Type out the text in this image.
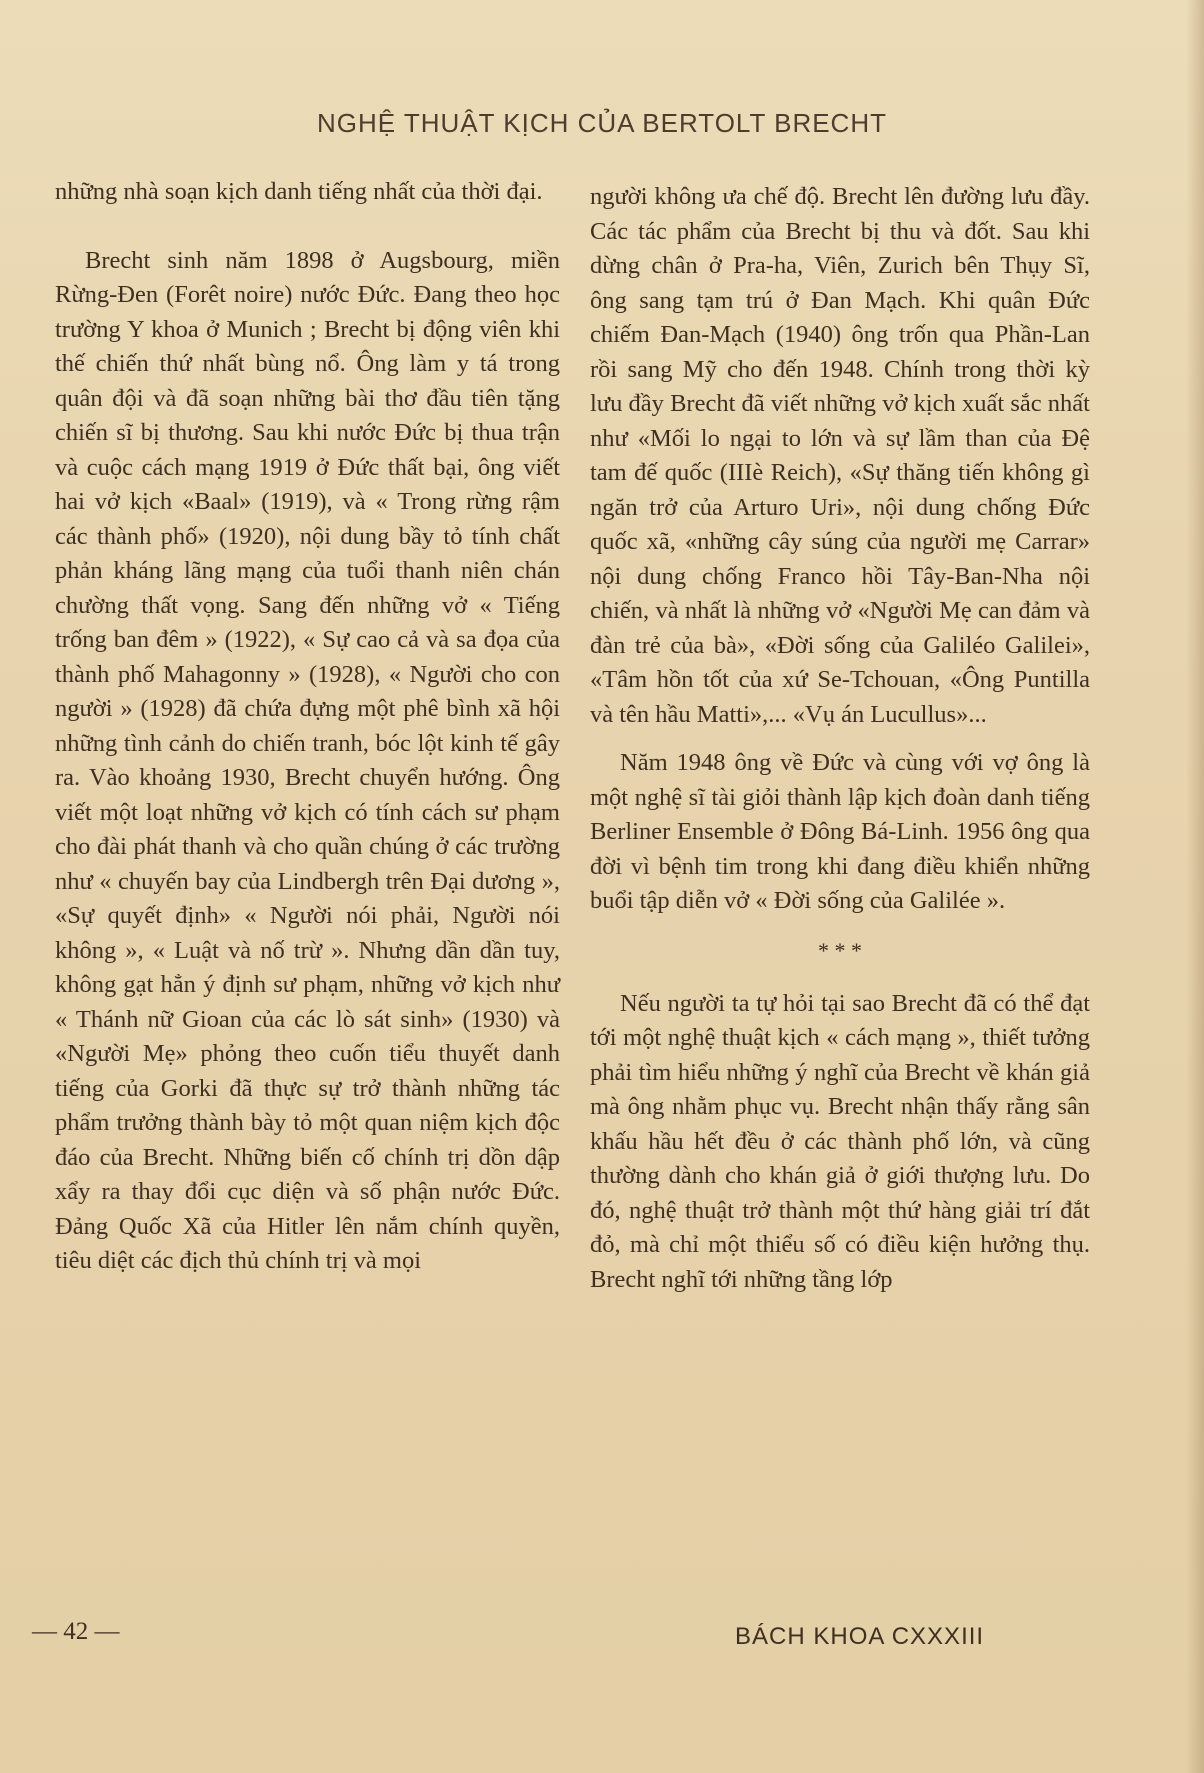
NGHỆ THUẬT KỊCH CỦA BERTOLT BRECHT

những nhà soạn kịch danh tiếng nhất của thời đại.

Brecht sinh năm 1898 ở Augsbourg, miền Rừng-Đen (Forêt noire) nước Đức. Đang theo học trường Y khoa ở Munich ; Brecht bị động viên khi thế chiến thứ nhất bùng nổ. Ông làm y tá trong quân đội và đã soạn những bài thơ đầu tiên tặng chiến sĩ bị thương. Sau khi nước Đức bị thua trận và cuộc cách mạng 1919 ở Đức thất bại, ông viết hai vở kịch «Baal» (1919), và « Trong rừng rậm các thành phố» (1920), nội dung bầy tỏ tính chất phản kháng lãng mạng của tuổi thanh niên chán chường thất vọng. Sang đến những vở « Tiếng trống ban đêm » (1922), « Sự cao cả và sa đọa của thành phố Mahagonny » (1928), « Người cho con người » (1928) đã chứa đựng một phê bình xã hội những tình cảnh do chiến tranh, bóc lột kinh tế gây ra. Vào khoảng 1930, Brecht chuyển hướng. Ông viết một loạt những vở kịch có tính cách sư phạm cho đài phát thanh và cho quần chúng ở các trường như « chuyến bay của Lindbergh trên Đại dương », «Sự quyết định» « Người nói phải, Người nói không », « Luật và nố trừ ». Nhưng dần dần tuy, không gạt hẳn ý định sư phạm, những vở kịch như « Thánh nữ Gioan của các lò sát sinh» (1930) và «Người Mẹ» phỏng theo cuốn tiểu thuyết danh tiếng của Gorki đã thực sự trở thành những tác phẩm trưởng thành bày tỏ một quan niệm kịch độc đáo của Brecht. Những biến cố chính trị dồn dập xẩy ra thay đổi cục diện và số phận nước Đức. Đảng Quốc Xã của Hitler lên nắm chính quyền, tiêu diệt các địch thủ chính trị và mọi

người không ưa chế độ. Brecht lên đường lưu đầy. Các tác phẩm của Brecht bị thu và đốt. Sau khi dừng chân ở Pra-ha, Viên, Zurich bên Thụy Sĩ, ông sang tạm trú ở Đan Mạch. Khi quân Đức chiếm Đan-Mạch (1940) ông trốn qua Phần-Lan rồi sang Mỹ cho đến 1948. Chính trong thời kỳ lưu đầy Brecht đã viết những vở kịch xuất sắc nhất như «Mối lo ngại to lớn và sự lầm than của Đệ tam đế quốc (IIIè Reich), «Sự thăng tiến không gì ngăn trở của Arturo Uri», nội dung chống Đức quốc xã, «những cây súng của người mẹ Carrar» nội dung chống Franco hồi Tây-Ban-Nha nội chiến, và nhất là những vở «Người Mẹ can đảm và đàn trẻ của bà», «Đời sống của Galiléo Galilei», «Tâm hồn tốt của xứ Se-Tchouan, «Ông Puntilla và tên hầu Matti»,... «Vụ án Lucullus»...

Năm 1948 ông về Đức và cùng với vợ ông là một nghệ sĩ tài giỏi thành lập kịch đoàn danh tiếng Berliner Ensemble ở Đông Bá-Linh. 1956 ông qua đời vì bệnh tim trong khi đang điều khiển những buổi tập diễn vở « Đời sống của Galilée ».

* * *

Nếu người ta tự hỏi tại sao Brecht đã có thể đạt tới một nghệ thuật kịch « cách mạng », thiết tưởng phải tìm hiểu những ý nghĩ của Brecht về khán giả mà ông nhằm phục vụ. Brecht nhận thấy rằng sân khấu hầu hết đều ở các thành phố lớn, và cũng thường dành cho khán giả ở giới thượng lưu. Do đó, nghệ thuật trở thành một thứ hàng giải trí đắt đỏ, mà chỉ một thiểu số có điều kiện hưởng thụ. Brecht nghĩ tới những tầng lớp

— 42 —	BÁCH KHOA CXXXIII
